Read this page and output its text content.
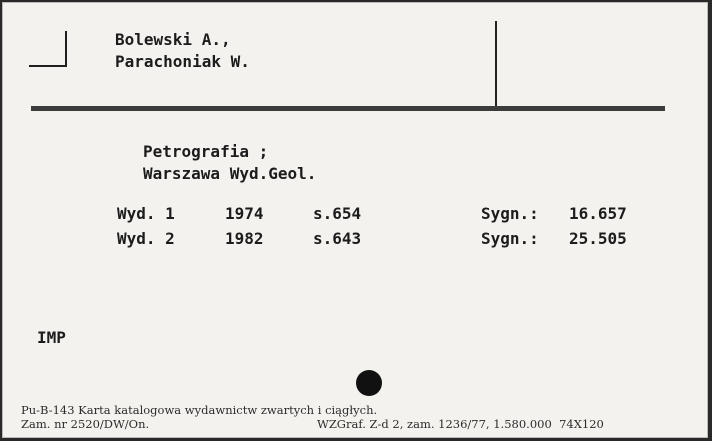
Bolewski A.,
Parachoniak W.
Petrografia ;
Warszawa Wyd.Geol.
Wyd. 1	1974	s.654	Sygn.: 16.657
Wyd. 2	1982	s.643	Sygn.: 25.505
IMP
Pu-B-143 Karta katalogowa wydawnictw zwartych i ciągłych.
Zam. nr 2520/DW/On.	WZGraf. Z-d 2, zam. 1236/77, 1.580.000  74X120
